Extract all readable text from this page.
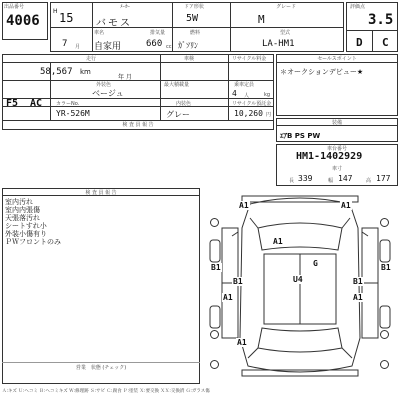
出品番号
4006
H 15
7 月
ﾒｰｶｰ
バモス
車名
自家用
ドア形状
5W
排気量
660 cc
燃料
ｶﾞｿﾘﾝ
グレード
M
型式
LA-HM1
評価点
3.5
D C
走行
58,567 km
車検
年 月
リサイクル料金
F5 AC
外装色
ベージュ
乗車定員
4 人
最大積載量
kg
カラーNo.
YR-526M
内装色
グレー
リサイクル預託金
10,260 円
検 査 員 報 告
セールスポイント
＊オークションデビュー★
装備
ｴｱB PS PW
車台番号
HM1-1402929
車寸
長 339	幅 147	高 177
検 査 員 報 告
室内汚れ
室内内張傷
天張落汚れ
シートすれ小
外装小傷有り
ＰＷフロントのみ
営業　状態 (チェック)
A1	A1
A1
G
U4
B1	B1
B1	B1
A1	A1
A1
Ａ:キズ Ｕ:ヘコミ Ｂ:ヘコミキズ Ｗ:修理跡 Ｓ:サビ Ｃ:腐食 Ｐ:塗装 Ｘ:要交換 ＸＸ:交換済 Ｇ:ガラス傷
